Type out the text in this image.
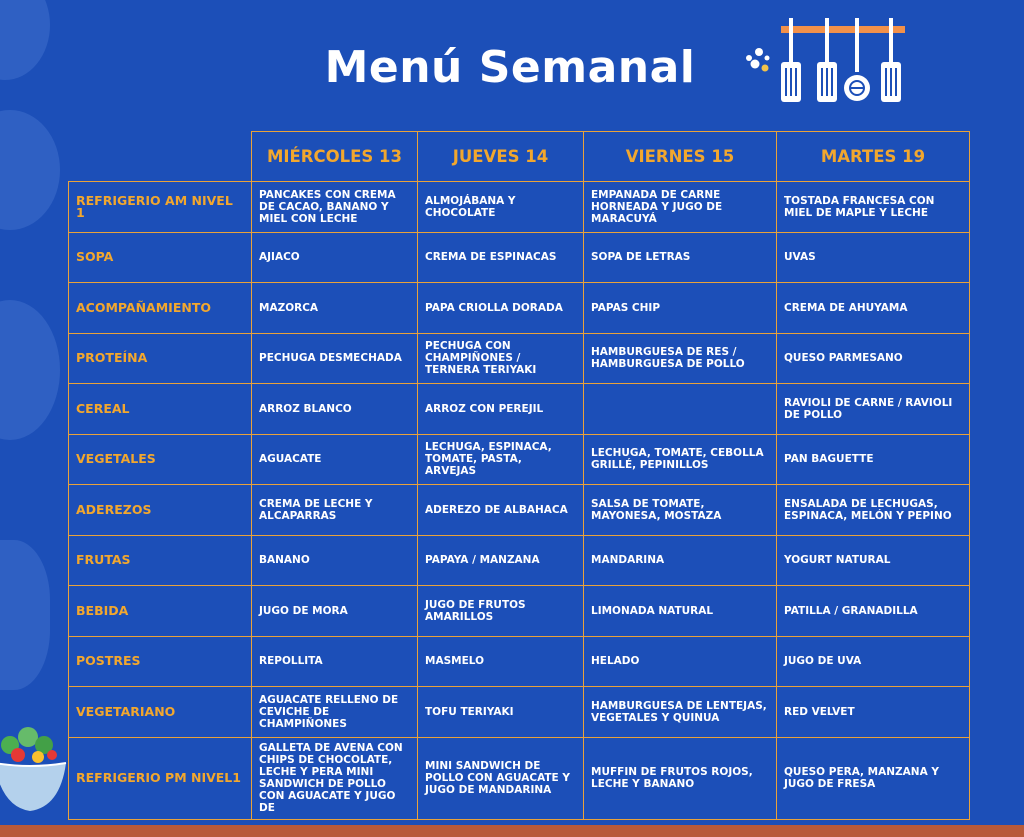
Menú Semanal
	MIÉRCOLES 13	JUEVES 14	VIERNES 15	MARTES 19
REFRIGERIO AM NIVEL 1	PANCAKES CON CREMA DE CACAO, BANANO Y MIEL CON LECHE	ALMOJÁBANA Y CHOCOLATE	EMPANADA DE CARNE HORNEADA Y JUGO DE MARACUYÁ	TOSTADA FRANCESA CON MIEL DE MAPLE Y LECHE
SOPA	AJIACO	CREMA DE ESPINACAS	SOPA DE LETRAS	UVAS
ACOMPAÑAMIENTO	MAZORCA	PAPA CRIOLLA DORADA	PAPAS CHIP	CREMA DE AHUYAMA
PROTEÍNA	PECHUGA DESMECHADA	PECHUGA CON CHAMPIÑONES / TERNERA TERIYAKI	HAMBURGUESA DE RES / HAMBURGUESA DE POLLO	QUESO PARMESANO
CEREAL	ARROZ BLANCO	ARROZ CON PEREJIL		RAVIOLI DE CARNE / RAVIOLI DE POLLO
VEGETALES	AGUACATE	LECHUGA, ESPINACA, TOMATE, PASTA, ARVEJAS	LECHUGA, TOMATE, CEBOLLA GRILLÉ, PEPINILLOS	PAN BAGUETTE
ADEREZOS	CREMA DE LECHE Y ALCAPARRAS	ADEREZO DE ALBAHACA	SALSA DE TOMATE, MAYONESA, MOSTAZA	ENSALADA DE LECHUGAS, ESPINACA, MELÓN Y PEPINO
FRUTAS	BANANO	PAPAYA / MANZANA	MANDARINA	YOGURT NATURAL
BEBIDA	JUGO DE MORA	JUGO DE FRUTOS AMARILLOS	LIMONADA NATURAL	PATILLA / GRANADILLA
POSTRES	REPOLLITA	MASMELO	HELADO	JUGO DE UVA
VEGETARIANO	AGUACATE RELLENO DE CEVICHE DE CHAMPIÑONES	TOFU TERIYAKI	HAMBURGUESA DE LENTEJAS, VEGETALES Y QUINUA	RED VELVET
REFRIGERIO PM NIVEL1	GALLETA DE AVENA CON CHIPS DE CHOCOLATE, LECHE Y PERA MINI SANDWICH DE POLLO CON AGUACATE Y JUGO DE	MINI SANDWICH DE POLLO CON AGUACATE Y JUGO DE MANDARINA	MUFFIN DE FRUTOS ROJOS, LECHE Y BANANO	QUESO PERA, MANZANA Y JUGO DE FRESA
